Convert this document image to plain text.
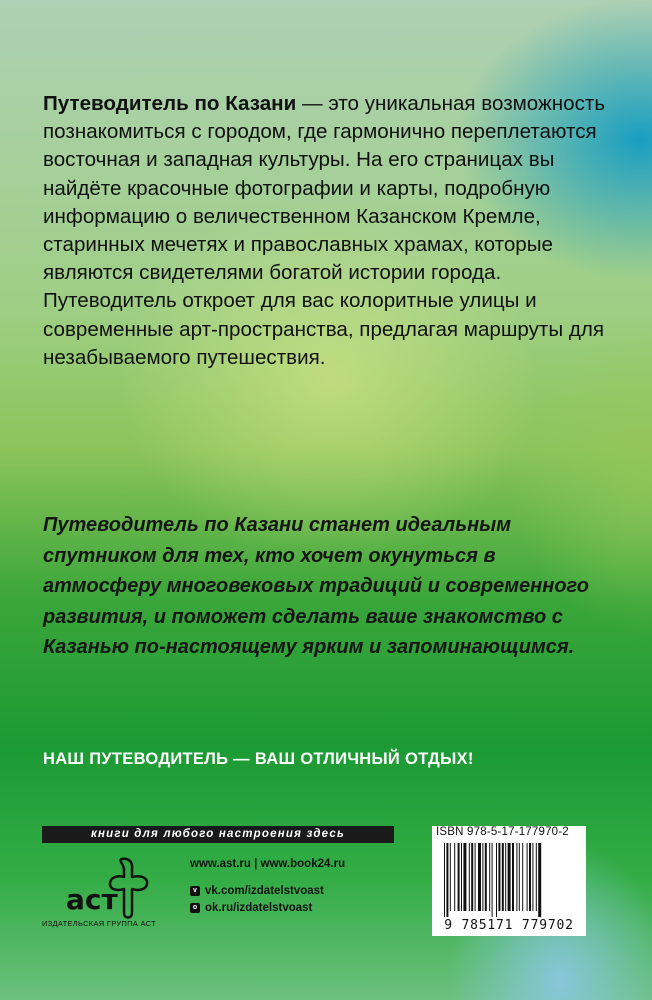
Путеводитель по Казани — это уникальная возможность познакомиться с городом, где гармонично переплетаются восточная и западная культуры. На его страницах вы найдёте красочные фотографии и карты, подробную информацию о величественном Казанском Кремле, старинных мечетях и православных храмах, которые являются свидетелями богатой истории города. Путеводитель откроет для вас колоритные улицы и современные арт-пространства, предлагая маршруты для незабываемого путешествия.

Путеводитель по Казани станет идеальным спутником для тех, кто хочет окунуться в атмосферу многовековых традиций и современного развития, и поможет сделать ваше знакомство с Казанью по-настоящему ярким и запоминающимся.

НАШ ПУТЕВОДИТЕЛЬ — ВАШ ОТЛИЧНЫЙ ОТДЫХ!

книги для любого настроения здесь
аст
ИЗДАТЕЛЬСКАЯ ГРУППА АСТ
www.ast.ru | www.book24.ru
v vk.com/izdatelstvoast
o ok.ru/izdatelstvoast
ISBN 978-5-17-177970-2
9 785171 779702
